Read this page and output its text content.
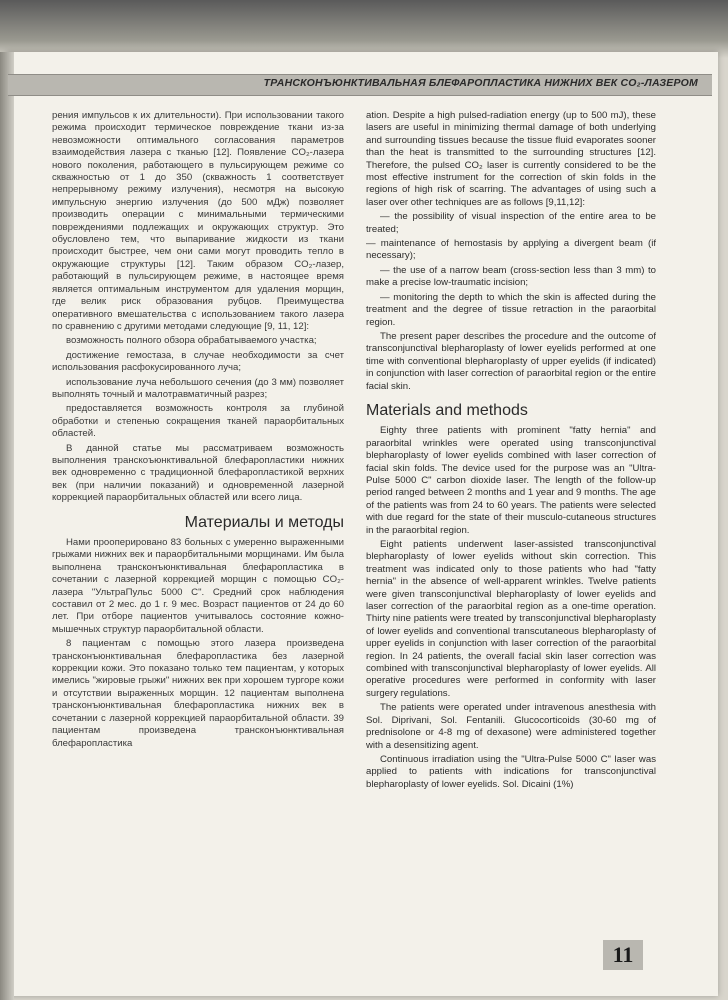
ТРАНСКОНЪЮНКТИВАЛЬНАЯ БЛЕФАРОПЛАСТИКА НИЖНИХ ВЕК CO₂-ЛАЗЕРОМ

рения импульсов к их длительности). При использовании такого режима происходит термическое повреждение ткани из-за невозможности оптимального согласования параметров взаимодействия лазера с тканью [12]. Появление CO₂-лазера нового поколения, работающего в пульсирующем режиме со скважностью от 1 до 350 (скважность 1 соответствует непрерывному режиму излучения), несмотря на высокую импульсную энергию излучения (до 500 мДж) позволяет производить операции с минимальными термическими повреждениями подлежащих и окружающих структур. Это обусловлено тем, что выпаривание жидкости из ткани происходит быстрее, чем они сами могут проводить тепло в окружающие структуры [12]. Таким образом CO₂-лазер, работающий в пульсирующем режиме, в настоящее время является оптимальным инструментом для удаления морщин, где велик риск образования рубцов. Преимущества оперативного вмешательства с использованием такого лазера по сравнению с другими методами следующие [9, 11, 12]:

возможность полного обзора обрабатываемого участка;

достижение гемостаза, в случае необходимости за счет использования расфокусированного луча;

использование луча небольшого сечения (до 3 мм) позволяет выполнять точный и малотравматичный разрез;

предоставляется возможность контроля за глубиной обработки и степенью сокращения тканей параорбитальных областей.

В данной статье мы рассматриваем возможность выполнения транскоъюнктивальной блефаропластики нижних век одновременно с традиционной блефаропластикой верхних век (при наличии показаний) и одновременной лазерной коррекцией параорбитальных областей или всего лица.

Материалы и методы

Нами прооперировано 83 больных с умеренно выраженными грыжами нижних век и параорбитальными морщинами. Им была выполнена трансконъюнктивальная блефаропластика в сочетании с лазерной коррекцией морщин с помощью CO₂-лазера "УльтраПульс 5000 С". Средний срок наблюдения составил от 2 мес. до 1 г. 9 мес. Возраст пациентов от 24 до 60 лет. При отборе пациентов учитывалось состояние кожно-мышечных структур параорбитальной области.

8 пациентам с помощью этого лазера произведена трансконъюнктивальная блефаропластика без лазерной коррекции кожи. Это показано только тем пациентам, у которых имелись "жировые грыжи" нижних век при хорошем тургоре кожи и отсутствии выраженных морщин. 12 пациентам выполнена трансконъюнктивальная блефаропластика нижних век в сочетании с лазерной коррекцией параорбитальной области. 39 пациентам произведена трансконъюнктивальная блефаропластика

ation. Despite a high pulsed-radiation energy (up to 500 mJ), these lasers are useful in minimizing thermal damage of both underlying and surrounding tissues because the tissue fluid evaporates sooner than the heat is transmitted to the surrounding structures [12]. Therefore, the pulsed CO₂ laser is currently considered to be the most effective instrument for the correction of skin folds in the regions of high risk of scarring. The advantages of using such a laser over other techniques are as follows [9,11,12]:

— the possibility of visual inspection of the entire area to be treated;

— maintenance of hemostasis by applying a divergent beam (if necessary);

— the use of a narrow beam (cross-section less than 3 mm) to make a precise low-traumatic incision;

— monitoring the depth to which the skin is affected during the treatment and the degree of tissue retraction in the paraorbital region.

The present paper describes the procedure and the outcome of transconjunctival blepharoplasty of lower eyelids performed at one time with conventional blepharoplasty of upper eyelids (if indicated) in conjunction with laser correction of paraorbital region or the entire facial skin.

Materials and methods

Eighty three patients with prominent "fatty hernia" and paraorbital wrinkles were operated using transconjunctival blepharoplasty of lower eyelids combined with laser correction of facial skin folds. The device used for the purpose was an "Ultra-Pulse 5000 C" carbon dioxide laser. The length of the follow-up period ranged between 2 months and 1 year and 9 months. The age of the patients was from 24 to 60 years. The patients were selected with due regard for the state of their musculo-cutaneous structures in the paraorbital region.

Eight patients underwent laser-assisted transconjunctival blepharoplasty of lower eyelids without skin correction. This treatment was indicated only to those patients who had "fatty hernia" in the absence of well-apparent wrinkles. Twelve patients were given transconjunctival blepharoplasty of lower eyelids and laser correction of the paraorbital region as a one-time operation. Thirty nine patients were treated by transconjunctival blepharoplasty of lower eyelids and conventional transcutaneous blepharoplasty of upper eyelids in conjunction with laser correction of the paraorbital region. In 24 patients, the overall facial skin laser correction was combined with transconjunctival blepharoplasty of lower eyelids. All operative procedures were performed in conformity with laser surgery regulations.

The patients were operated under intravenous anesthesia with Sol. Diprivani, Sol. Fentanili. Glucocorticoids (30-60 mg of prednisolone or 4-8 mg of dexasone) were administered together with a desensitizing agent.

Continuous irradiation using the "Ultra-Pulse 5000 C" laser was applied to patients with indications for transconjunctival blepharoplasty of lower eyelids. Sol. Dicaini (1%)

11
